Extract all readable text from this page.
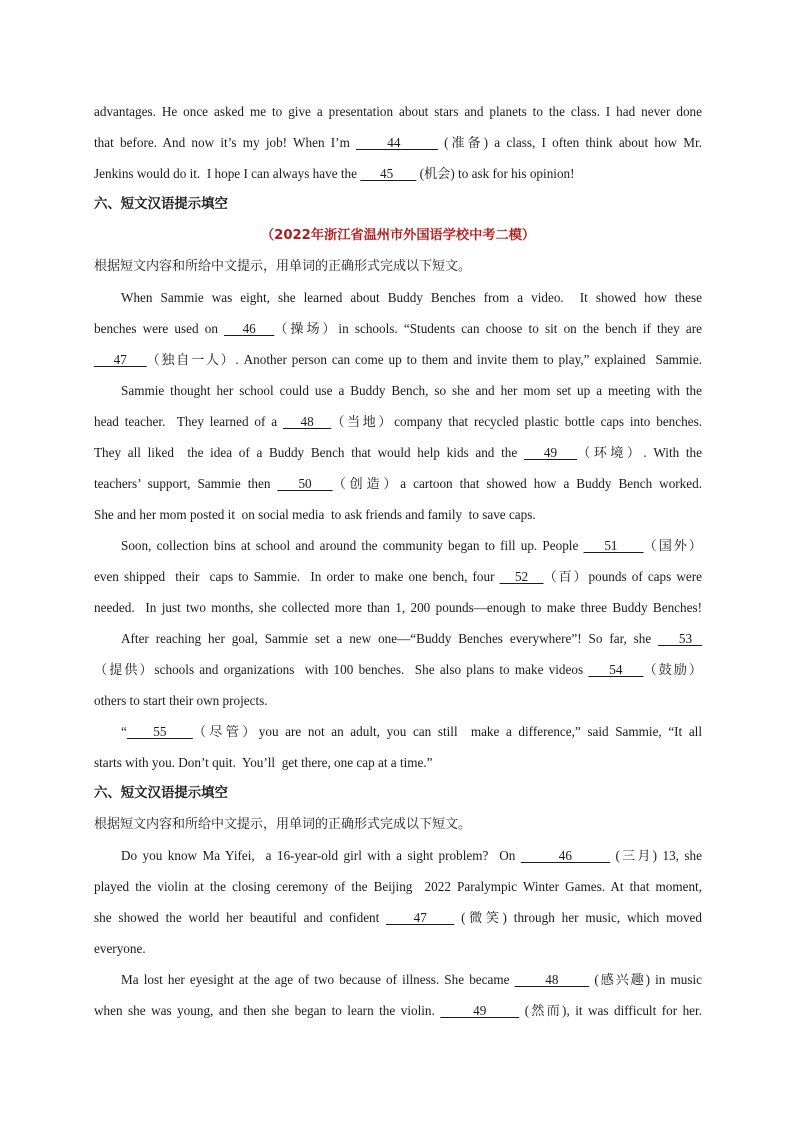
advantages. He once asked me to give a presentation about stars and planets to the class. I had never done
that before. And now it’s my job! When I’m      44       (准备) a class, I often think about how Mr.
Jenkins would do it.  I hope I can always have the       45        (机会) to ask for his opinion!
六、短文汉语提示填空
（2022年浙江省温州市外国语学校中考二模）
根据短文内容和所给中文提示，用单词的正确形式完成以下短文。
When Sammie was eight, she learned about Buddy Benches from a video.  It showed how these
benches were used on    46   （操场）in schools. “Students can choose to sit on the bench if they are
47    （独自一人）. Another person can come up to them and invite them to play,” explained  Sammie.
Sammie thought her school could use a Buddy Bench, so she and her mom set up a meeting with the
head teacher.  They learned of a    48   （当地）company that recycled plastic bottle caps into benches.
They all liked  the idea of a Buddy Bench that would help kids and the    49   （环境）. With the
teachers’ support, Sammie then    50   （创造）a cartoon that showed how a Buddy Bench worked.
She and her mom posted it  on social media  to ask friends and family  to save caps.
Soon, collection bins at school and around the community began to fill up. People     51     （国外）
even shipped  their  caps to Sammie.  In order to make one bench, four    52   （百）pounds of caps were
needed.  In just two months, she collected more than 1, 200 pounds—enough to make three Buddy Benches!
After reaching her goal, Sammie set a new one—“Buddy Benches everywhere”! So far, she    53
（提供）schools and organizations  with 100 benches.  She also plans to make videos     54    （鼓励）
others to start their own projects.
“    55    （尽管）you are not an adult, you can still  make a difference,” said Sammie, “It all
starts with you. Don’t quit.  You’ll  get there, one cap at a time.”
六、短文汉语提示填空
根据短文内容和所给中文提示，用单词的正确形式完成以下短文。
Do you know Ma Yifei,  a 16-year-old girl with a sight problem?  On        46        (三月) 13, she
played the violin at the closing ceremony of the Beijing  2022 Paralympic Winter Games. At that moment,
she showed the world her beautiful and confident     47     (微笑) through her music, which moved
everyone.
Ma lost her eyesight at the age of two because of illness. She became       48       (感兴趣) in music
when she was young, and then she began to learn the violin.       49       (然而), it was difficult for her.
